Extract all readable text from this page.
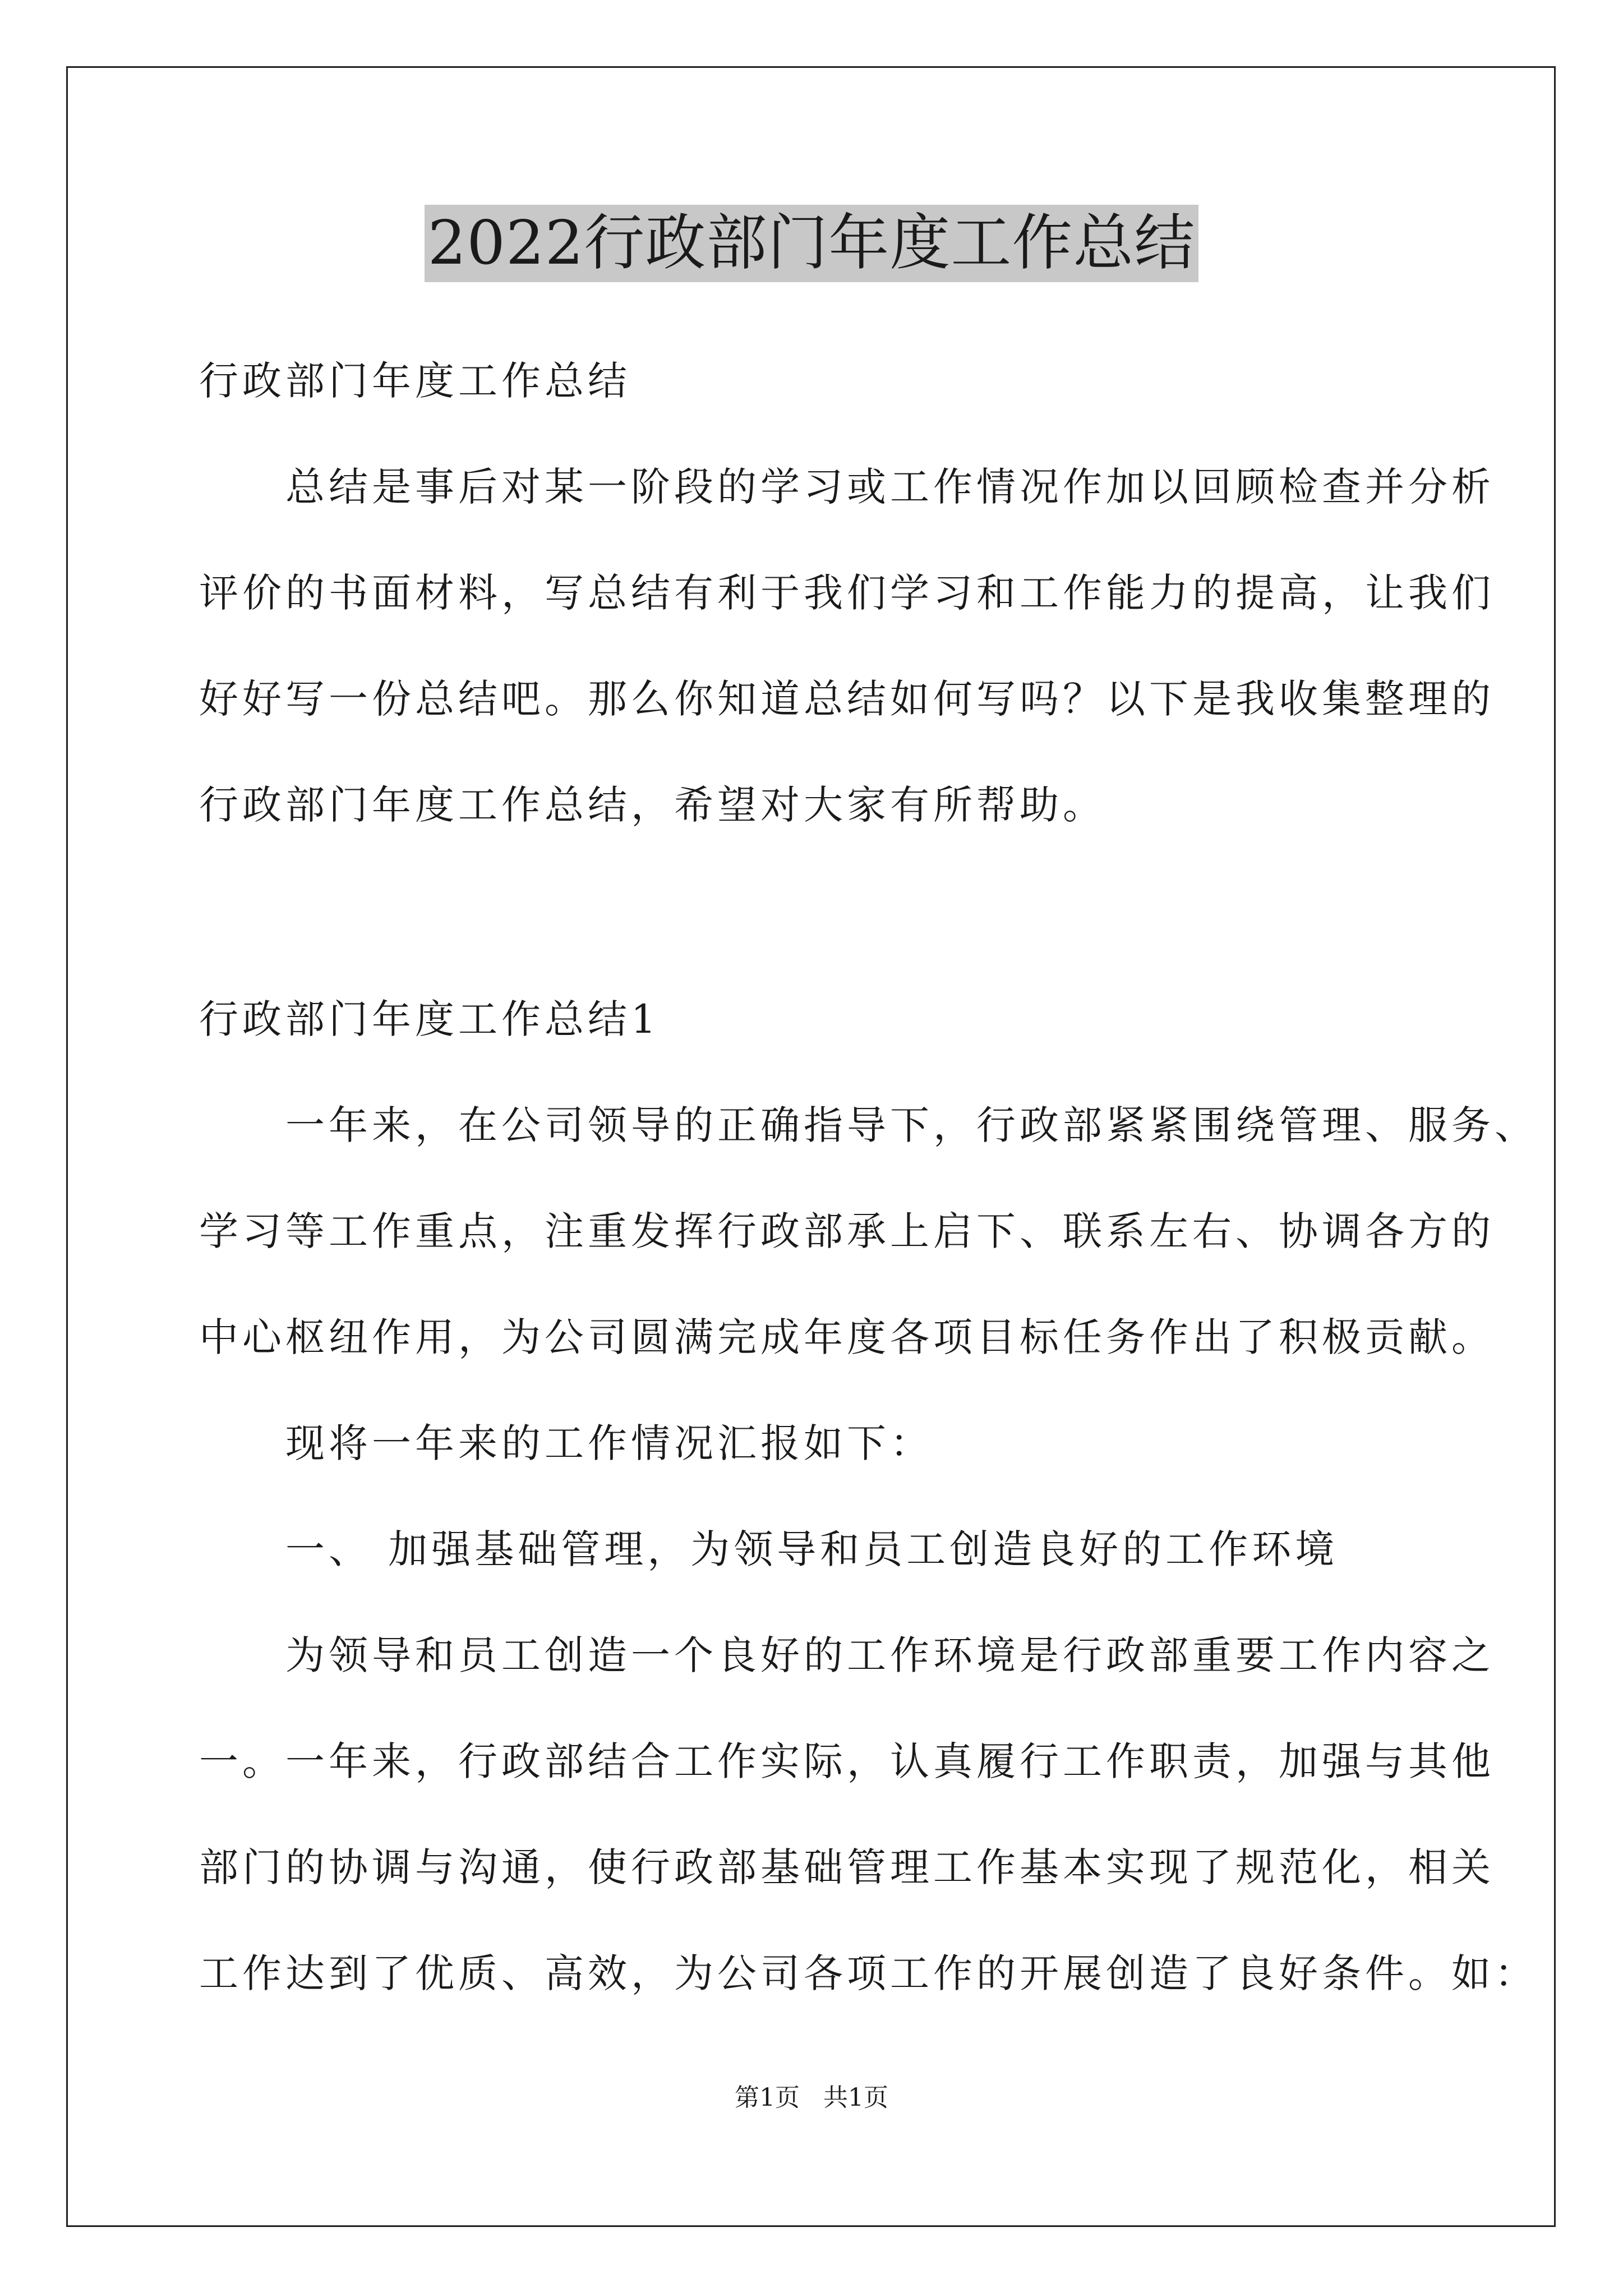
2022行政部门年度工作总结
行政部门年度工作总结
　　总结是事后对某一阶段的学习或工作情况作加以回顾检查并分析
评价的书面材料，写总结有利于我们学习和工作能力的提高，让我们
好好写一份总结吧。那么你知道总结如何写吗？以下是我收集整理的
行政部门年度工作总结，希望对大家有所帮助。
行政部门年度工作总结1
　　一年来，在公司领导的正确指导下，行政部紧紧围绕管理、服务、
学习等工作重点，注重发挥行政部承上启下、联系左右、协调各方的
中心枢纽作用，为公司圆满完成年度各项目标任务作出了积极贡献。
　　现将一年来的工作情况汇报如下：
　　一、 加强基础管理，为领导和员工创造良好的工作环境
　　为领导和员工创造一个良好的工作环境是行政部重要工作内容之
一。一年来，行政部结合工作实际，认真履行工作职责，加强与其他
部门的协调与沟通，使行政部基础管理工作基本实现了规范化，相关
工作达到了优质、高效，为公司各项工作的开展创造了良好条件。如：
第1页   共1页
